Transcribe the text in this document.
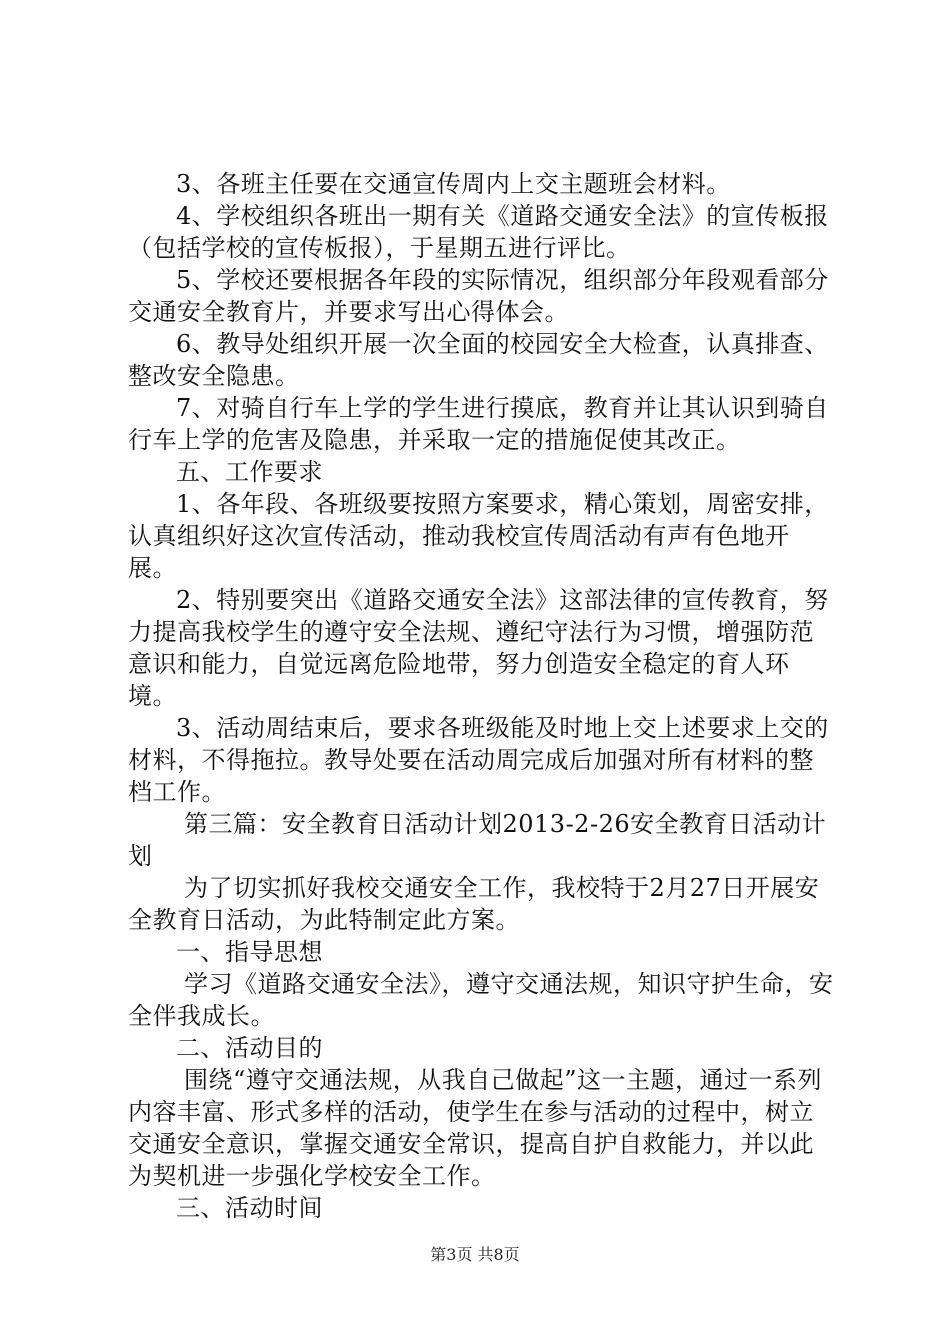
3、各班主任要在交通宣传周内上交主题班会材料。

4、学校组织各班出一期有关《道路交通安全法》的宣传板报（包括学校的宣传板报），于星期五进行评比。

5、学校还要根据各年段的实际情况，组织部分年段观看部分交通安全教育片，并要求写出心得体会。

6、教导处组织开展一次全面的校园安全大检查，认真排查、整改安全隐患。

7、对骑自行车上学的学生进行摸底，教育并让其认识到骑自行车上学的危害及隐患，并采取一定的措施促使其改正。

五、工作要求

1、各年段、各班级要按照方案要求，精心策划，周密安排，认真组织好这次宣传活动，推动我校宣传周活动有声有色地开展。

2、特别要突出《道路交通安全法》这部法律的宣传教育，努力提高我校学生的遵守安全法规、遵纪守法行为习惯，增强防范意识和能力，自觉远离危险地带，努力创造安全稳定的育人环境。

3、活动周结束后，要求各班级能及时地上交上述要求上交的材料，不得拖拉。教导处要在活动周完成后加强对所有材料的整档工作。

第三篇：安全教育日活动计划2013-2-26安全教育日活动计划

为了切实抓好我校交通安全工作，我校特于2月27日开展安全教育日活动，为此特制定此方案。

一、指导思想

学习《道路交通安全法》，遵守交通法规，知识守护生命，安全伴我成长。

二、活动目的

围绕“遵守交通法规，从我自己做起”这一主题，通过一系列内容丰富、形式多样的活动，使学生在参与活动的过程中，树立交通安全意识，掌握交通安全常识，提高自护自救能力，并以此为契机进一步强化学校安全工作。

三、活动时间

第3页 共8页
